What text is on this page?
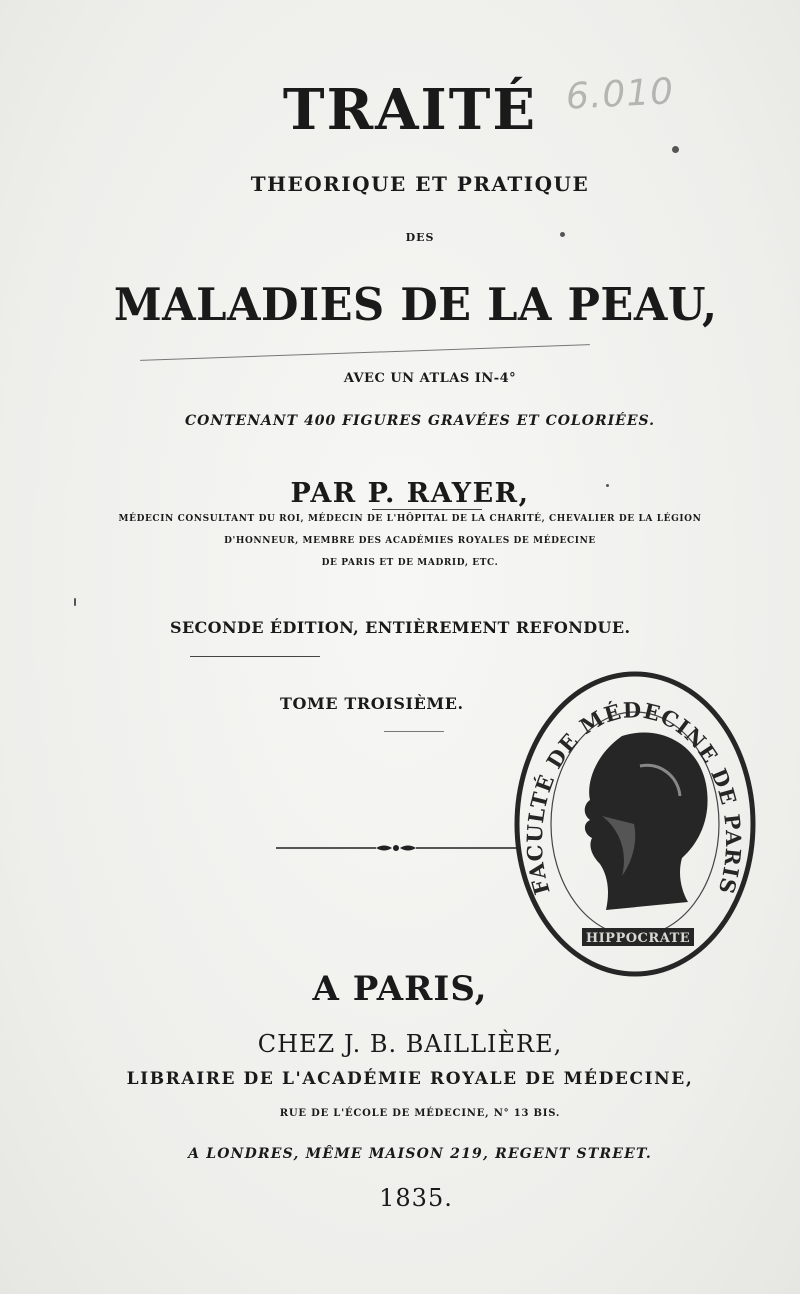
6.010
TRAITÉ
THEORIQUE ET PRATIQUE
DES
MALADIES DE LA PEAU,
AVEC UN ATLAS IN-4°
CONTENANT 400 FIGURES GRAVÉES ET COLORIÉES.
PAR P. RAYER,
MÉDECIN CONSULTANT DU ROI, MÉDECIN DE L'HÔPITAL DE LA CHARITÉ, CHEVALIER DE LA LÉGION
D'HONNEUR, MEMBRE DES ACADÉMIES ROYALES DE MÉDECINE
DE PARIS ET DE MADRID, ETC.
SECONDE ÉDITION, ENTIÈREMENT REFONDUE.
TOME TROISIÈME.
FACULTÉ DE MÉDECINE DE PARIS
HIPPOCRATE
A PARIS,
CHEZ J. B. BAILLIÈRE,
LIBRAIRE DE L'ACADÉMIE ROYALE DE MÉDECINE,
RUE DE L'ÉCOLE DE MÉDECINE, N° 13 BIS.
A LONDRES, MÊME MAISON 219, REGENT STREET.
1835.
